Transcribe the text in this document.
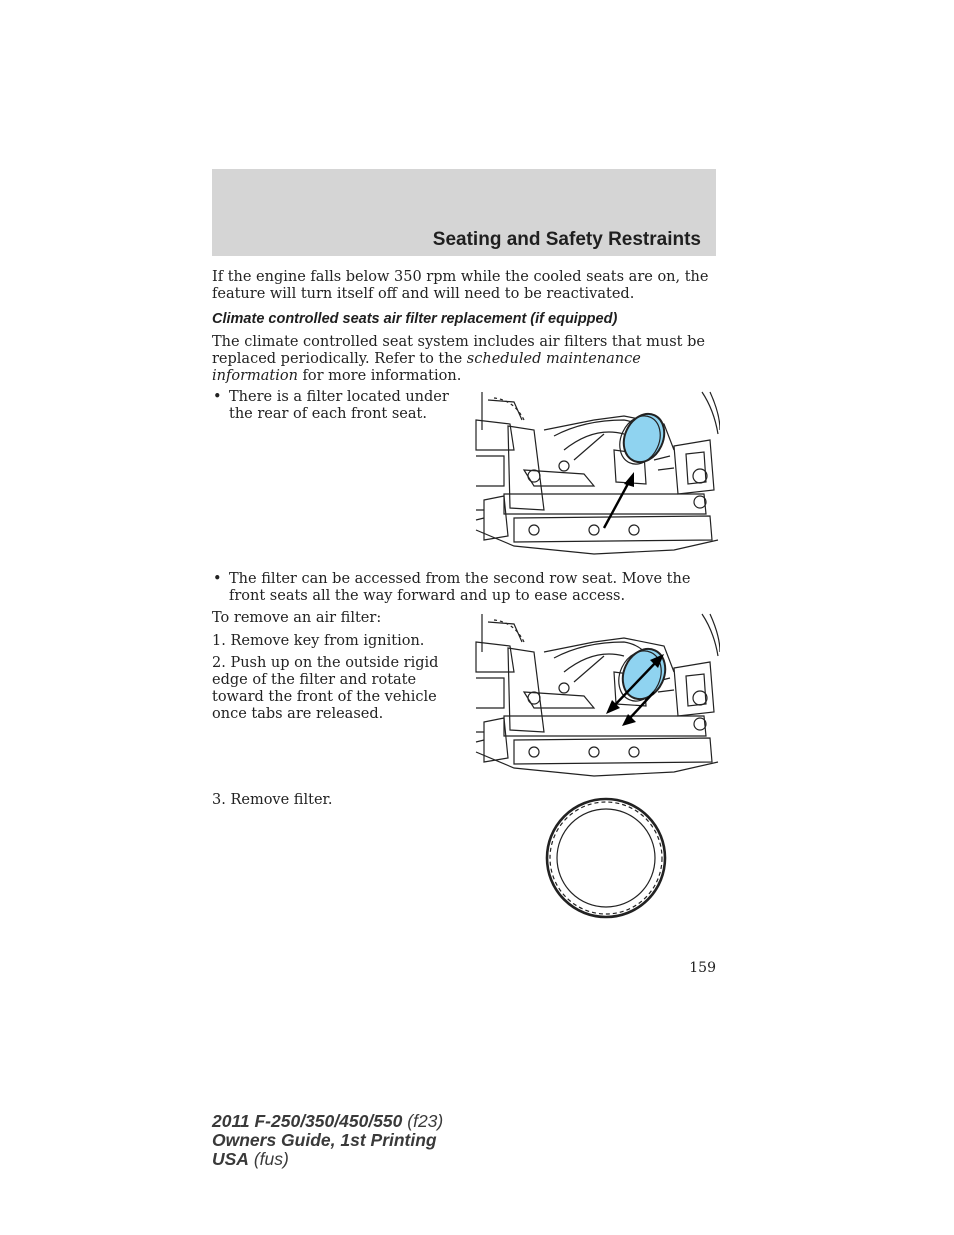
Seating and Safety Restraints
If the engine falls below 350 rpm while the cooled seats are on, the feature will turn itself off and will need to be reactivated.
Climate controlled seats air filter replacement (if equipped)
The climate controlled seat system includes air filters that must be replaced periodically. Refer to the scheduled maintenance information for more information.
• There is a filter located under the rear of each front seat.
• The filter can be accessed from the second row seat. Move the front seats all the way forward and up to ease access.
To remove an air filter:
1. Remove key from ignition.
2. Push up on the outside rigid edge of the filter and rotate toward the front of the vehicle once tabs are released.
3. Remove filter.
159
2011 F-250/350/450/550 (f23)
Owners Guide, 1st Printing
USA (fus)
